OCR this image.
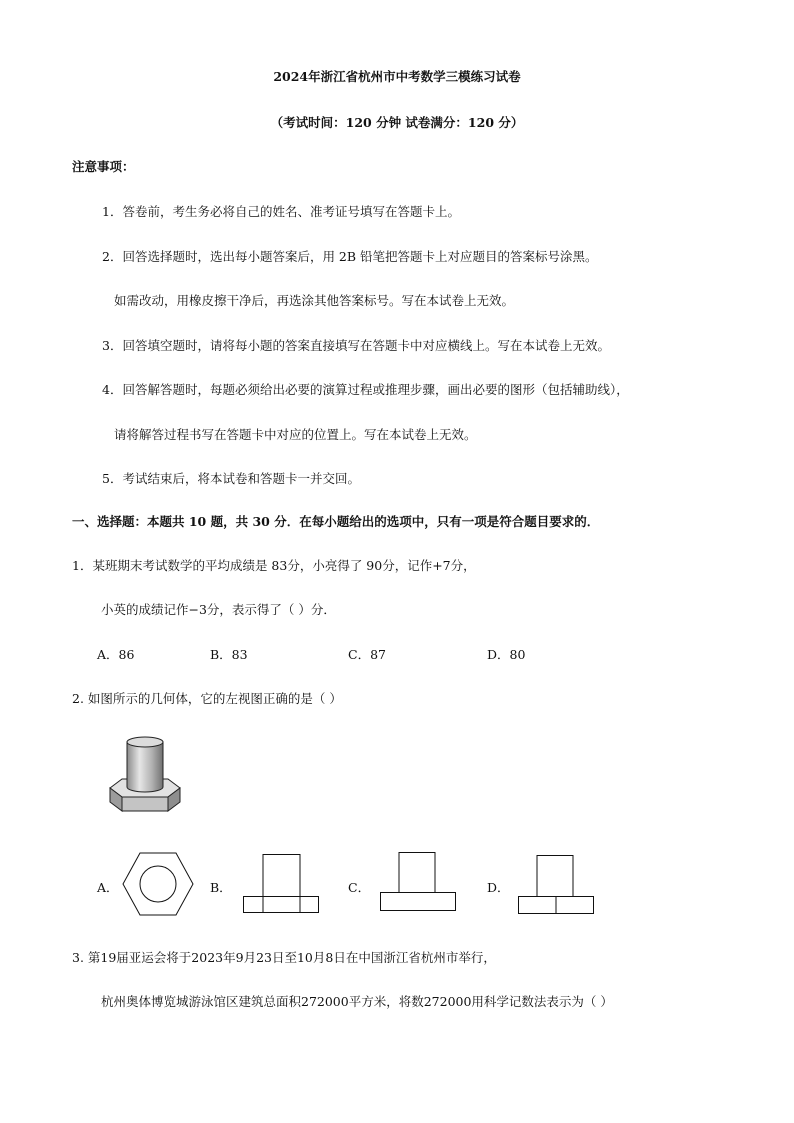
2024年浙江省杭州市中考数学三模练习试卷
（考试时间：120 分钟 试卷满分：120 分）
注意事项：
1．答卷前，考生务必将自己的姓名、准考证号填写在答题卡上。
2．回答选择题时，选出每小题答案后，用 2B 铅笔把答题卡上对应题目的答案标号涂黑。
如需改动，用橡皮擦干净后，再选涂其他答案标号。写在本试卷上无效。
3．回答填空题时，请将每小题的答案直接填写在答题卡中对应横线上。写在本试卷上无效。
4．回答解答题时，每题必须给出必要的演算过程或推理步骤，画出必要的图形（包括辅助线），
请将解答过程书写在答题卡中对应的位置上。写在本试卷上无效。
5．考试结束后，将本试卷和答题卡一并交回。
一、选择题：本题共 10 题，共 30 分．在每小题给出的选项中，只有一项是符合题目要求的．
1．某班期末考试数学的平均成绩是 83分，小亮得了 90分，记作+7分，
小英的成绩记作−3分，表示得了（ ）分．
A．86	B．83	C．87	D．80
2. 如图所示的几何体，它的左视图正确的是（ ）
A．	B．	C．	D．
3. 第19届亚运会将于2023年9月23日至10月8日在中国浙江省杭州市举行，
杭州奥体博览城游泳馆区建筑总面积272000平方米，将数272000用科学记数法表示为（ ）
